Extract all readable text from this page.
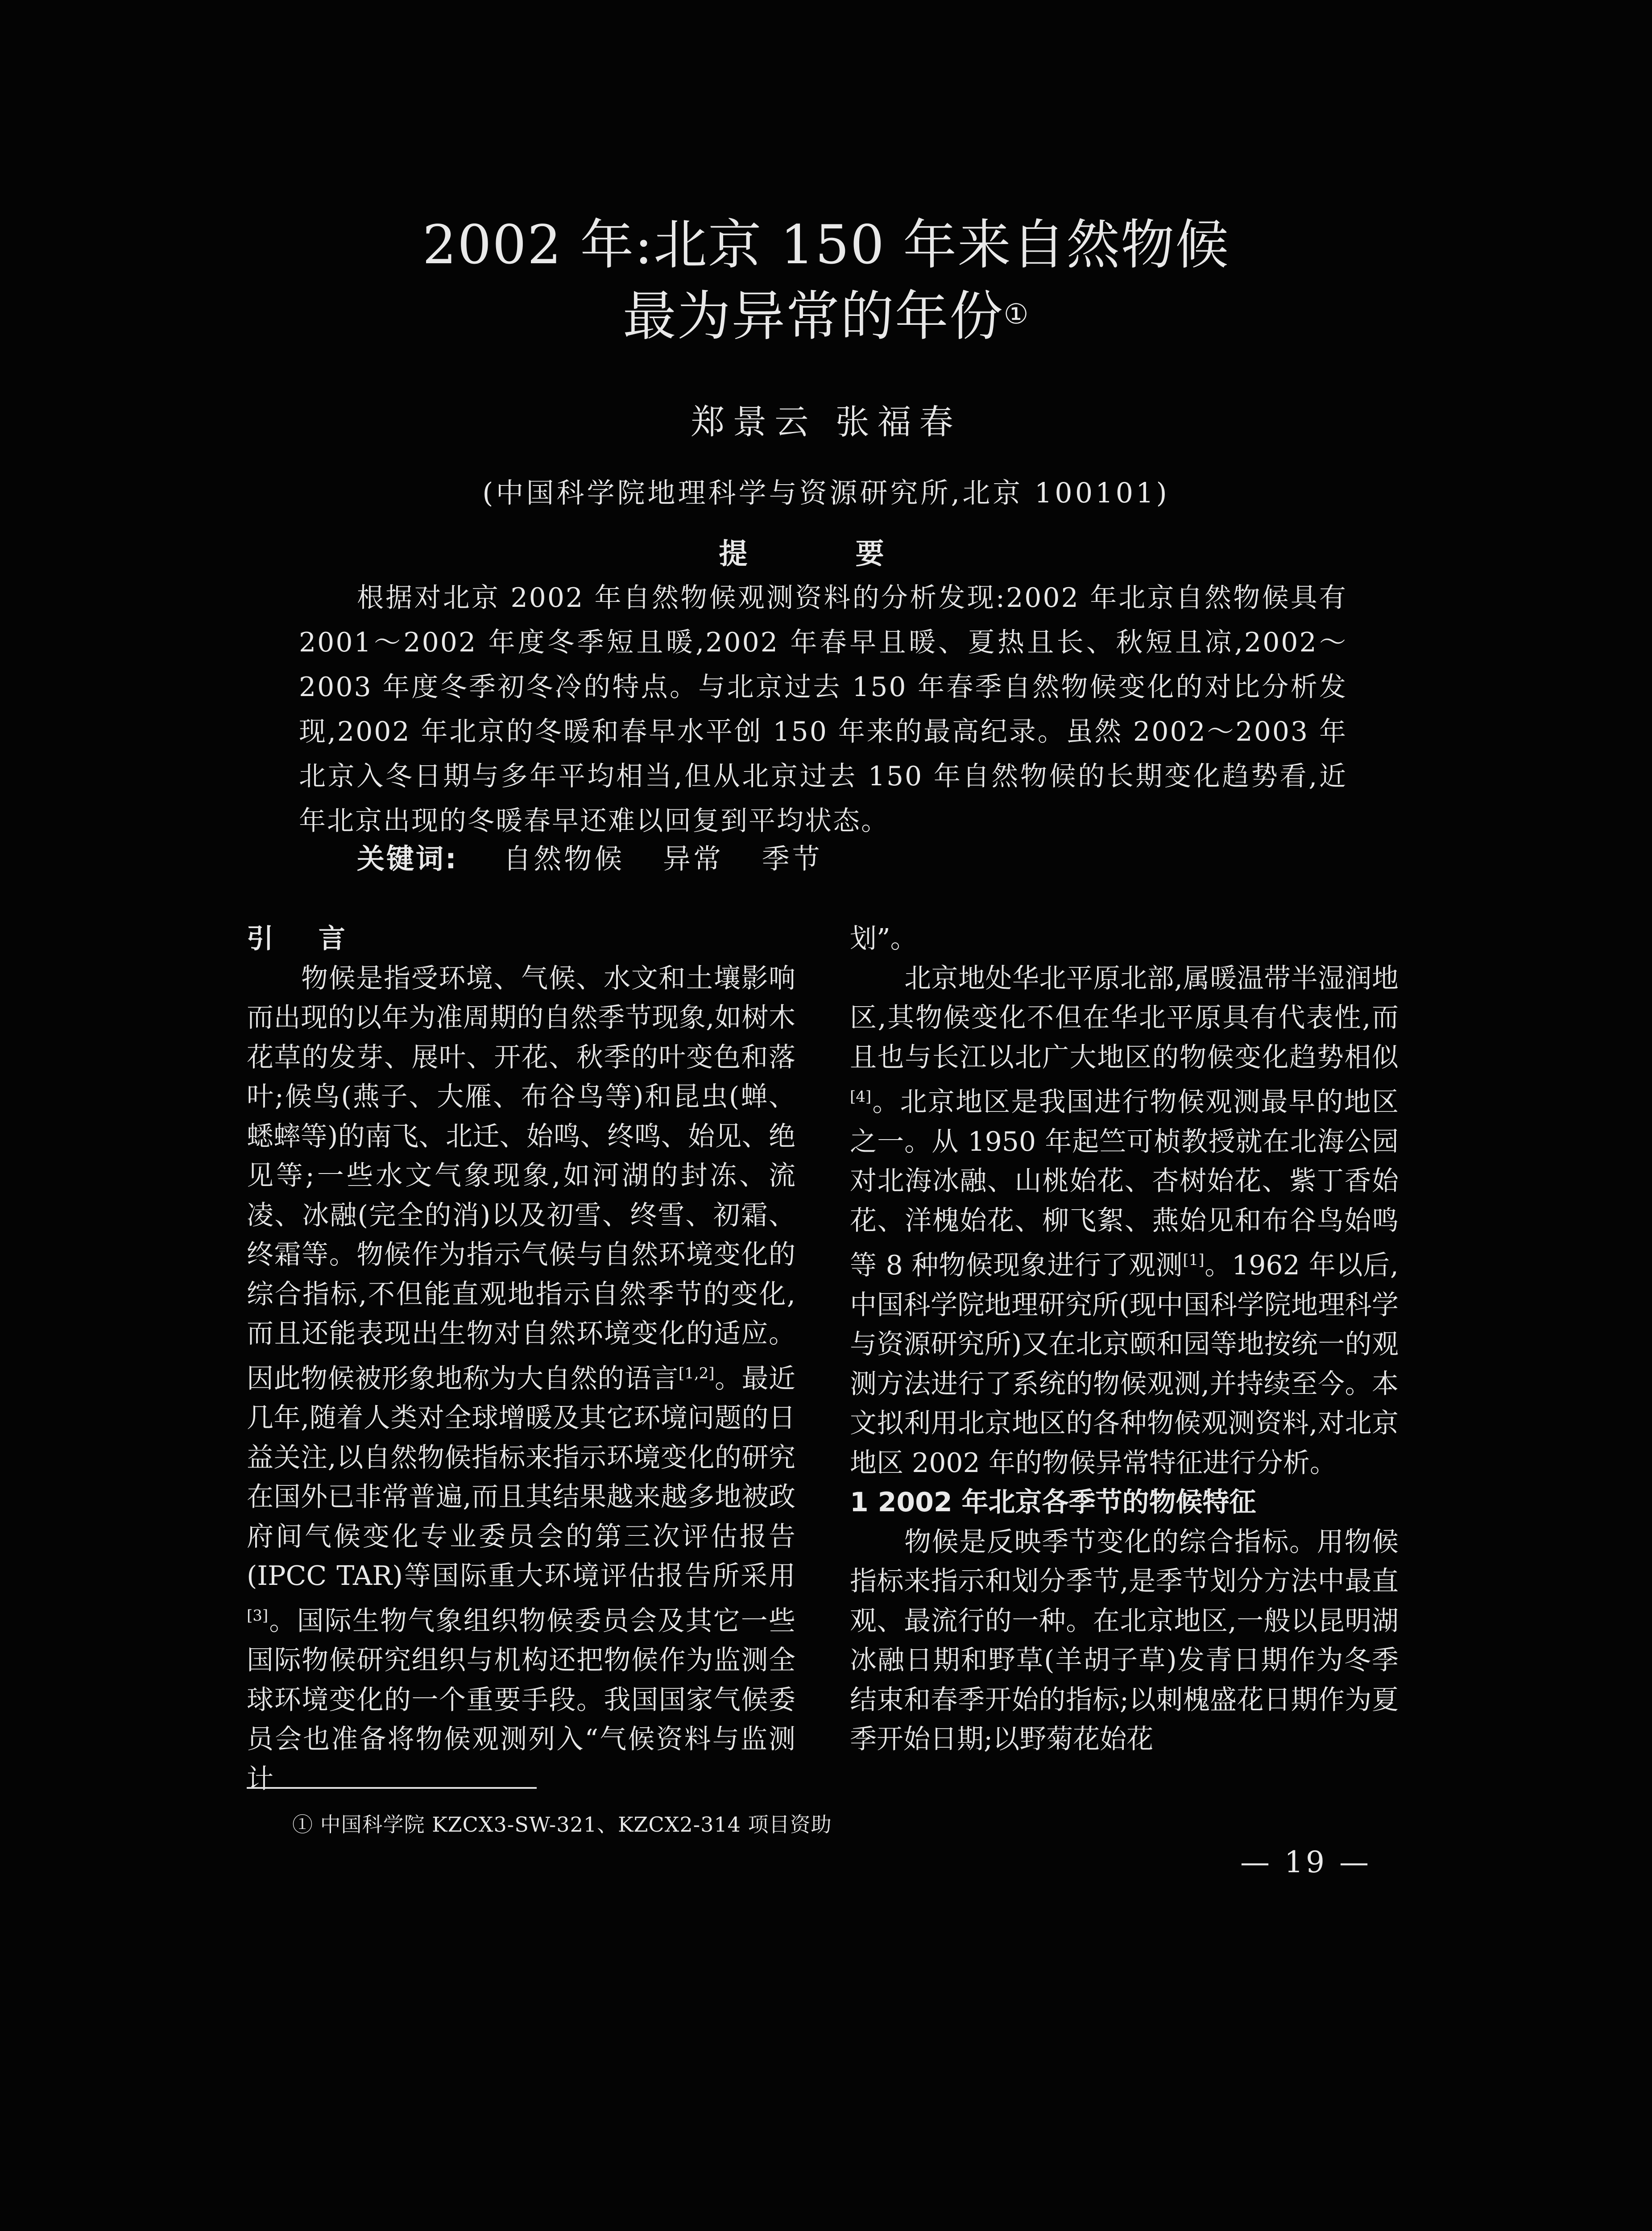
2002 年:北京 150 年来自然物候
最为异常的年份①
郑景云 张福春
(中国科学院地理科学与资源研究所,北京 100101)
提 要

根据对北京 2002 年自然物候观测资料的分析发现:2002 年北京自然物候具有 2001～2002 年度冬季短且暖,2002 年春早且暖、夏热且长、秋短且凉,2002～2003 年度冬季初冬冷的特点。与北京过去 150 年春季自然物候变化的对比分析发现,2002 年北京的冬暖和春早水平创 150 年来的最高纪录。虽然 2002～2003 年北京入冬日期与多年平均相当,但从北京过去 150 年自然物候的长期变化趋势看,近年北京出现的冬暖春早还难以回复到平均状态。

关键词: 自然物候 异常 季节

引 言

物候是指受环境、气候、水文和土壤影响而出现的以年为准周期的自然季节现象,如树木花草的发芽、展叶、开花、秋季的叶变色和落叶;候鸟(燕子、大雁、布谷鸟等)和昆虫(蝉、蟋蟀等)的南飞、北迁、始鸣、终鸣、始见、绝见等;一些水文气象现象,如河湖的封冻、流凌、冰融(完全的消)以及初雪、终雪、初霜、终霜等。物候作为指示气候与自然环境变化的综合指标,不但能直观地指示自然季节的变化,而且还能表现出生物对自然环境变化的适应。因此物候被形象地称为大自然的语言[1,2]。最近几年,随着人类对全球增暖及其它环境问题的日益关注,以自然物候指标来指示环境变化的研究在国外已非常普遍,而且其结果越来越多地被政府间气候变化专业委员会的第三次评估报告(IPCC TAR)等国际重大环境评估报告所采用[3]。国际生物气象组织物候委员会及其它一些国际物候研究组织与机构还把物候作为监测全球环境变化的一个重要手段。我国国家气候委员会也准备将物候观测列入“气候资料与监测计

划”。

北京地处华北平原北部,属暖温带半湿润地区,其物候变化不但在华北平原具有代表性,而且也与长江以北广大地区的物候变化趋势相似[4]。北京地区是我国进行物候观测最早的地区之一。从 1950 年起竺可桢教授就在北海公园对北海冰融、山桃始花、杏树始花、紫丁香始花、洋槐始花、柳飞絮、燕始见和布谷鸟始鸣等 8 种物候现象进行了观测[1]。1962 年以后,中国科学院地理研究所(现中国科学院地理科学与资源研究所)又在北京颐和园等地按统一的观测方法进行了系统的物候观测,并持续至今。本文拟利用北京地区的各种物候观测资料,对北京地区 2002 年的物候异常特征进行分析。

1 2002 年北京各季节的物候特征

物候是反映季节变化的综合指标。用物候指标来指示和划分季节,是季节划分方法中最直观、最流行的一种。在北京地区,一般以昆明湖冰融日期和野草(羊胡子草)发青日期作为冬季结束和春季开始的指标;以刺槐盛花日期作为夏季开始日期;以野菊花始花

① 中国科学院 KZCX3-SW-321、KZCX2-314 项目资助
— 19 —
